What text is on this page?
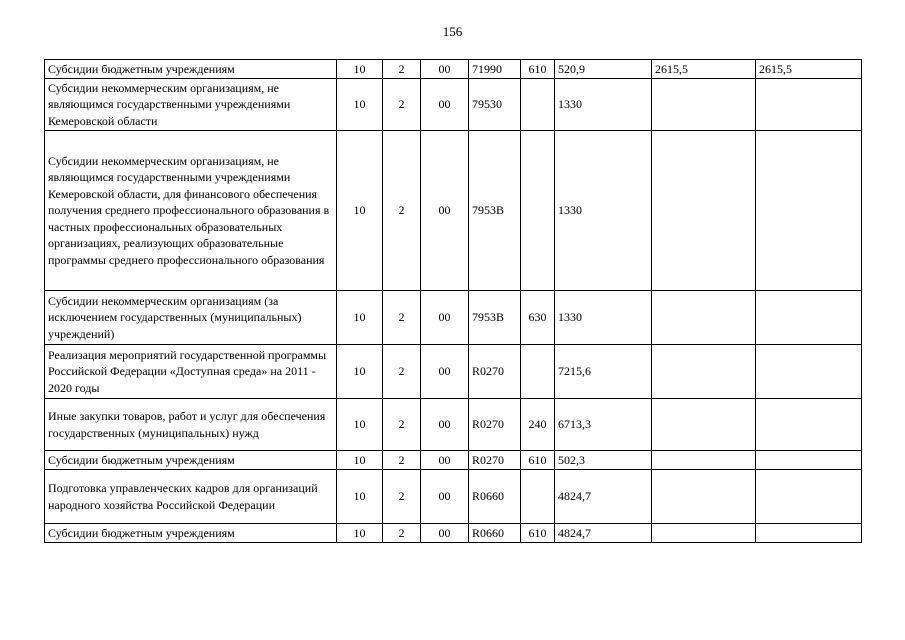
156
Субсидии бюджетным учреждениям	10	2	00	71990	610	520,9	2615,5	2615,5
Субсидии некоммерческим организациям, не являющимся государственными учреждениями Кемеровской области	10	2	00	79530		1330		
Субсидии некоммерческим организациям, не являющимся государственными учреждениями Кемеровской области, для финансового обеспечения получения среднего профессионального образования в частных профессиональных образовательных организациях, реализующих образовательные программы среднего профессионального образования	10	2	00	7953В		1330		
Субсидии некоммерческим организациям (за исключением государственных (муниципальных) учреждений)	10	2	00	7953В	630	1330		
Реализация мероприятий государственной программы Российской Федерации «Доступная среда» на 2011 - 2020 годы	10	2	00	R0270		7215,6		
Иные закупки товаров, работ и услуг для обеспечения государственных (муниципальных) нужд	10	2	00	R0270	240	6713,3		
Субсидии бюджетным учреждениям	10	2	00	R0270	610	502,3		
Подготовка управленческих кадров для организаций народного хозяйства Российской Федерации	10	2	00	R0660		4824,7		
Субсидии бюджетным учреждениям	10	2	00	R0660	610	4824,7		
